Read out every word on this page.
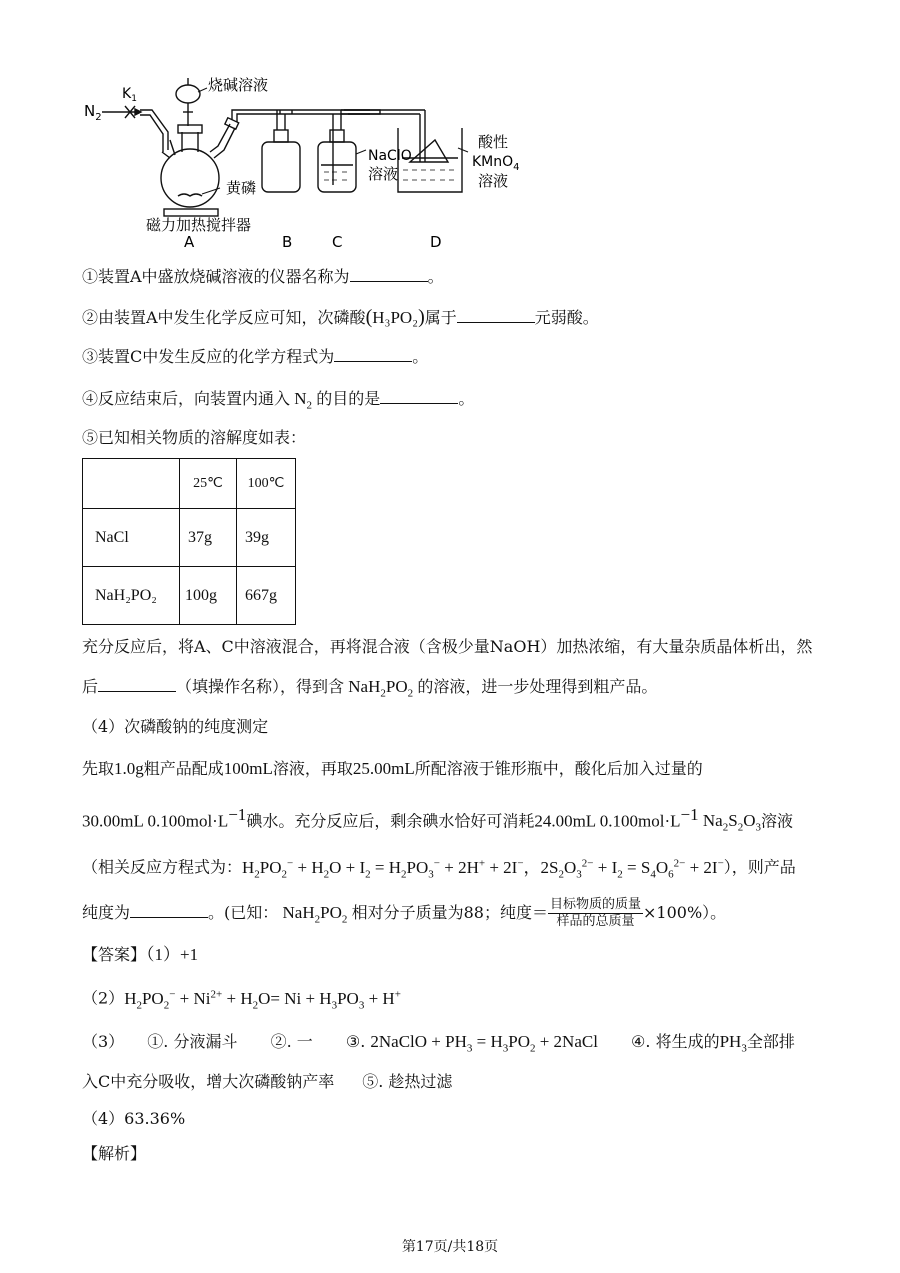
$N_2$
$K_1$
烧碱溶液
黄磷
磁力加热搅拌器
NaClO
溶液
酸性
KMnO$_4$
溶液
A	B	C	D
①装置A中盛放烧碱溶液的仪器名称为	。
②由装置A中发生化学反应可知，次磷酸(H₃PO₂)属于	元弱酸。
③装置C中发生反应的化学方程式为	。
④反应结束后，向装置内通入 $N_2$ 的目的是	。
⑤已知相关物质的溶解度如表：
	25℃	100℃
NaCl	37g	39g
NaH₂PO₂	100g	667g
充分反应后，将A、C中溶液混合，再将混合液（含极少量NaOH）加热浓缩，有大量杂质晶体析出，然
后	（填操作名称），得到含 $NaH_2PO_2$ 的溶液，进一步处理得到粗产品。
（4）次磷酸钠的纯度测定
先取1.0g粗产品配成100mL溶液，再取25.00mL所配溶液于锥形瓶中，酸化后加入过量的
30.00mL $0.100mol\cdot L^{-1}$碘水。充分反应后，剩余碘水恰好可消耗24.00mL $0.100mol\cdot L^{-1}$ $Na_2S_2O_3$溶液
（相关反应方程式为：$H_2PO_2^- + H_2O + I_2 = H_2PO_3^- + 2H^+ + 2I^-$，$2S_2O_3^{2-} + I_2 = S_4O_6^{2-} + 2I^-$），则产品
纯度为	。(已知： $NaH_2PO_2$ 相对分子质量为88；纯度＝ $\frac{\text{目标物质的质量}}{\text{样品的总质量}} \times 100\%$）。
【答案】（1）+1
$(2)H_2PO_2^- + Ni^{2+} + H_2O= Ni + H_3PO_3 + H^+$
（3） ①. 分液漏斗 ②. 一 ③. 2NaClO + $PH_3 = H_3PO_2$ + 2NaCl ④. 将生成的$PH_3$全部排
入C中充分吸收，增大次磷酸钠产率 ⑤. 趁热过滤
（4）63.36%
【解析】
第17页/共18页
